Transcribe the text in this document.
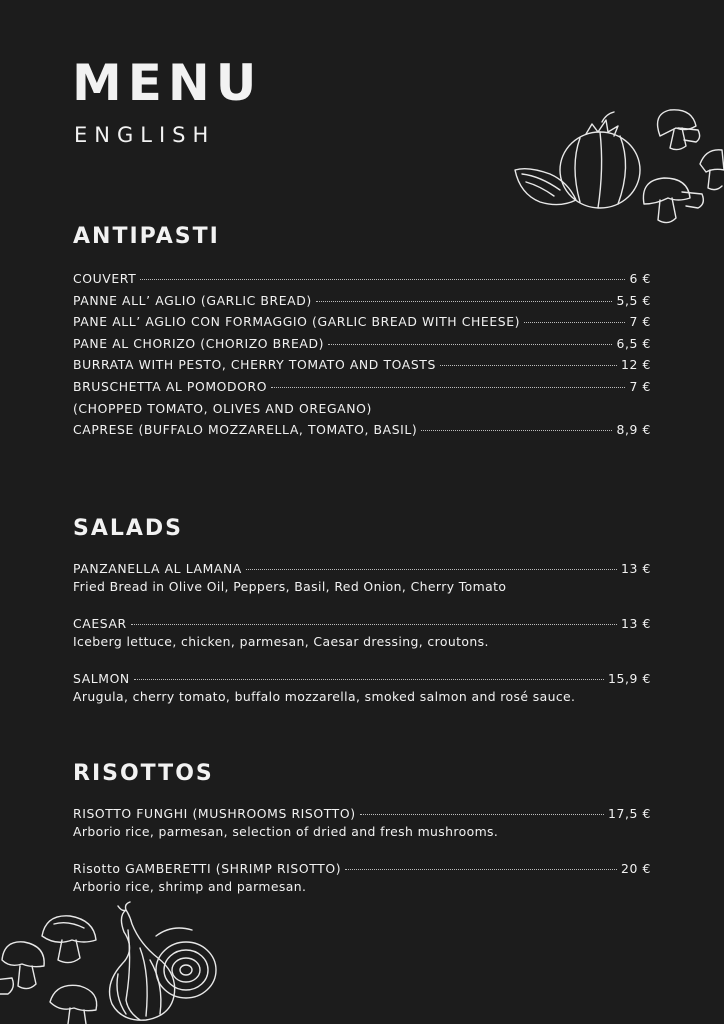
MENU
ENGLISH
ANTIPASTI
COUVERT	6 €
PANNE ALL’ AGLIO (GARLIC BREAD)	5,5 €
PANE ALL’ AGLIO CON FORMAGGIO (GARLIC BREAD WITH CHEESE)	7 €
PANE AL CHORIZO (CHORIZO BREAD)	6,5 €
BURRATA WITH PESTO, CHERRY TOMATO AND TOASTS	12 €
BRUSCHETTA AL POMODORO	7 €
(CHOPPED TOMATO, OLIVES AND OREGANO)
CAPRESE (BUFFALO MOZZARELLA, TOMATO, BASIL)	8,9 €
SALADS
PANZANELLA AL LAMANA	13 €
Fried Bread in Olive Oil, Peppers, Basil, Red Onion, Cherry Tomato
CAESAR	13 €
Iceberg lettuce, chicken, parmesan, Caesar dressing, croutons.
SALMON	15,9 €
Arugula, cherry tomato, buffalo mozzarella, smoked salmon and rosé sauce.
RISOTTOS
RISOTTO FUNGHI (MUSHROOMS RISOTTO)	17,5 €
Arborio rice, parmesan, selection of dried and fresh mushrooms.
Risotto GAMBERETTI (SHRIMP RISOTTO)	20 €
Arborio rice, shrimp and parmesan.
